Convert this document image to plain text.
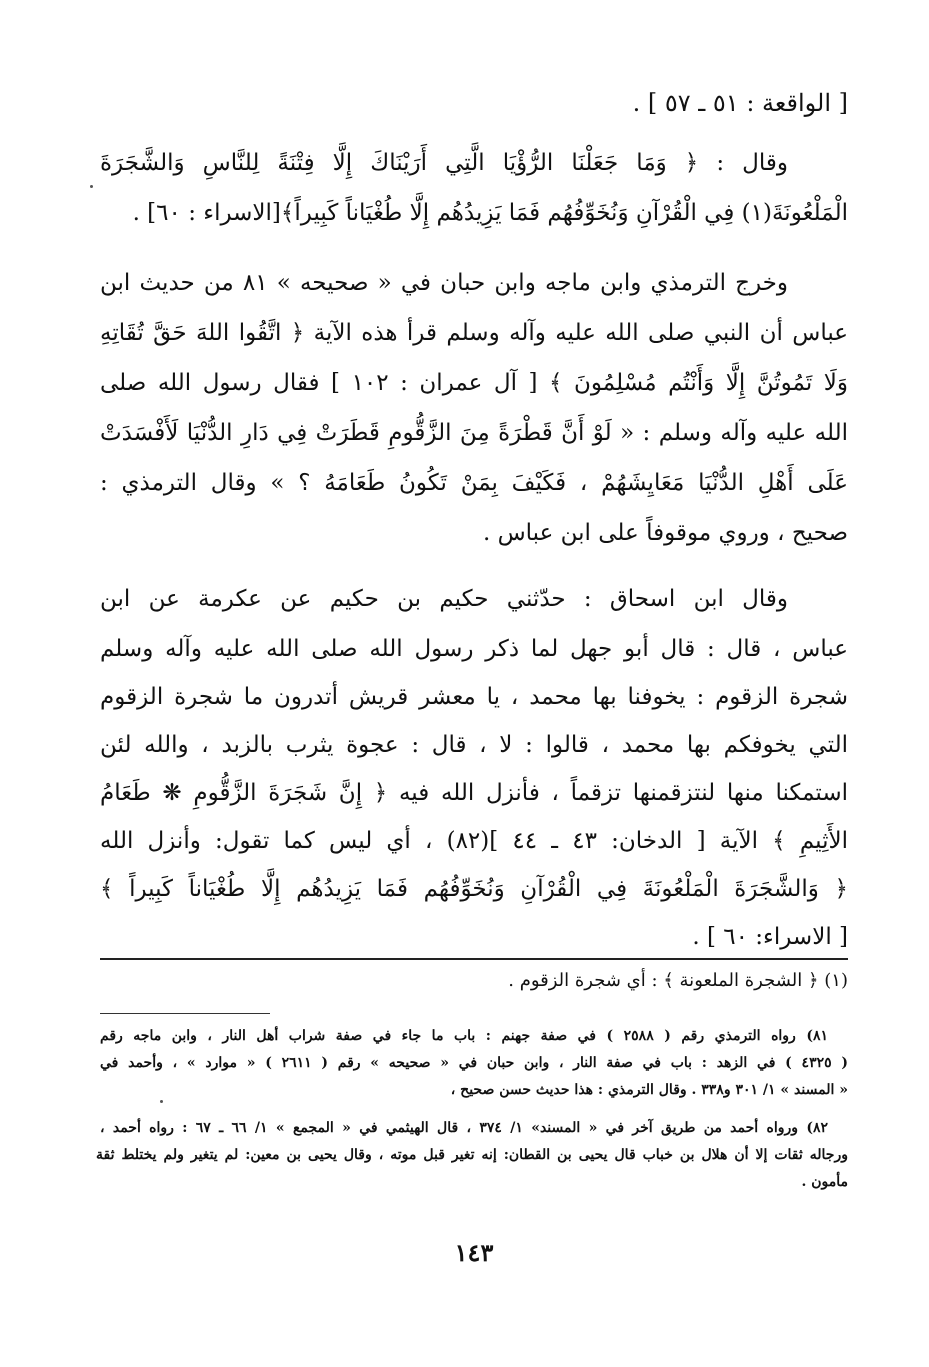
[ الواقعة : ٥١ ـ ٥٧ ] .
وقال : ﴿ وَمَا جَعَلْنَا الرُّؤْيَا الَّتِي أَرَيْنَاكَ إِلَّا فِتْنَةً لِلنَّاسِ وَالشَّجَرَةَ
الْمَلْعُونَةَ(١) فِي الْقُرْآنِ وَنُخَوِّفُهُم فَمَا يَزِيدُهُم إِلَّا طُغْيَاناً كَبِيراً﴾[الاسراء : ٦٠] .
وخرج الترمذي وابن ماجه وابن حبان في « صحيحه » ٨١ من حديث ابن
عباس أن النبي صلى الله عليه وآله وسلم قرأ هذه الآية ﴿ اتَّقُوا اللهَ حَقَّ تُقَاتِهِ
وَلَا تَمُوتُنَّ إِلَّا وَأَنْتُم مُسْلِمُونَ ﴾ [ آل عمران : ١٠٢ ] فقال رسول الله صلى
الله عليه وآله وسلم : « لَوْ أَنَّ قَطْرَةً مِنَ الزَّقُّومِ قَطَرَتْ فِي دَارِ الدُّنْيَا لَأَفْسَدَتْ
عَلَى أَهْلِ الدُّنْيَا مَعَايِشَهُمْ ، فَكَيْفَ بِمَنْ تَكُونُ طَعَامَهُ ؟ » وقال الترمذي :
صحيح ، وروي موقوفاً على ابن عباس .
وقال ابن اسحاق : حدّثني حكيم بن حكيم عن عكرمة عن ابن
عباس ، قال : قال أبو جهل لما ذكر رسول الله صلى الله عليه وآله وسلم
شجرة الزقوم : يخوفنا بها محمد ، يا معشر قريش أتدرون ما شجرة الزقوم
التي يخوفكم بها محمد ، قالوا : لا ، قال : عجوة يثرب بالزبد ، والله لئن
استمكنا منها لنتزقمنها تزقماً ، فأنزل الله فيه ﴿ إِنَّ شَجَرَةَ الزَّقُّومِ ❋ طَعَامُ
الأَثِيمِ ﴾ الآية [ الدخان: ٤٣ ـ ٤٤ ](٨٢) ، أي ليس كما تقول: وأنزل الله
﴿ وَالشَّجَرَةَ الْمَلْعُونَةَ فِي الْقُرْآنِ وَنُخَوِّفُهُم فَمَا يَزِيدُهُم إِلَّا طُغْيَاناً كَبِيراً ﴾
[ الاسراء: ٦٠ ] .
(١) ﴿ الشجرة الملعونة ﴾ : أي شجرة الزقوم .
٨١) رواه الترمذي رقم ( ٢٥٨٨ ) في صفة جهنم : باب ما جاء في صفة شراب أهل النار ، وابن ماجه رقم
( ٤٣٢٥ ) في الزهد : باب في صفة النار ، وابن حبان في « صحيحه » رقم ( ٢٦١١ ) « موارد » ، وأحمد في
« المسند » ١/ ٣٠١ و٣٣٨ . وقال الترمذي : هذا حديث حسن صحيح ،
٨٢) ورواه أحمد من طريق آخر في « المسند» ١/ ٣٧٤ ، قال الهيثمي في « المجمع » ١/ ٦٦ ـ ٦٧ : رواه أحمد ،
ورجاله ثقات إلا أن هلال بن خباب قال يحيى بن القطان: إنه تغير قبل موته ، وقال يحيى بن معين: لم يتغير ولم يختلط ثقة
مأمون .
١٤٣
